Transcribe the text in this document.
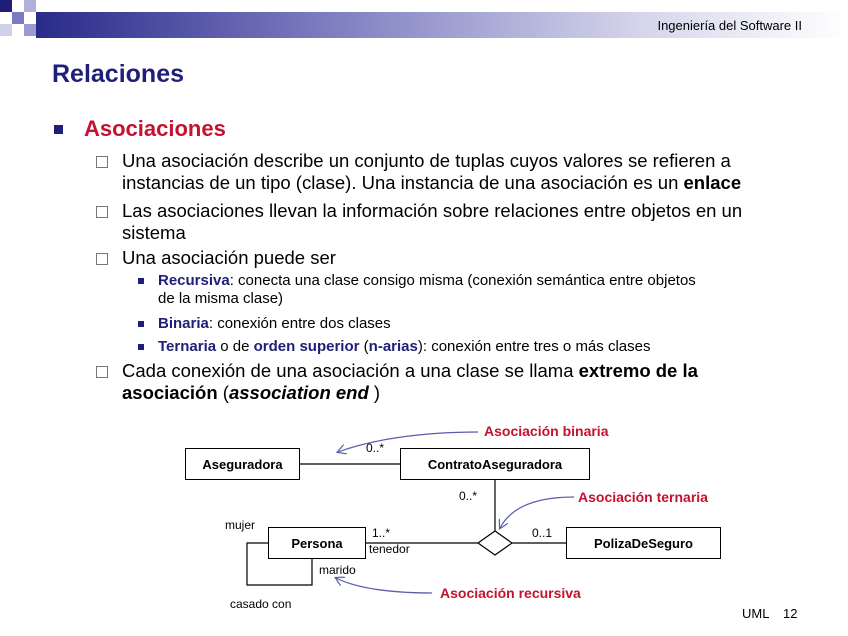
Ingeniería del Software II
Relaciones
Asociaciones
Una asociación describe un conjunto de tuplas cuyos valores se refieren a
instancias de un tipo (clase). Una instancia de una asociación es un enlace
Las asociaciones llevan la información sobre relaciones entre objetos en un
sistema
Una asociación puede ser
Recursiva: conecta una clase consigo misma (conexión semántica entre objetos
de la misma clase)
Binaria: conexión entre dos clases
Ternaria o de orden superior (n-arias): conexión entre tres o más clases
Cada conexión de una asociación a una clase se llama extremo de la
asociación (association end )
Aseguradora	ContratoAseguradora
Persona	PolizaDeSeguro
0..*
0..*
1..*	0..1
tenedor
mujer
marido
casado con
Asociación binaria
Asociación ternaria
Asociación recursiva
UML 12
